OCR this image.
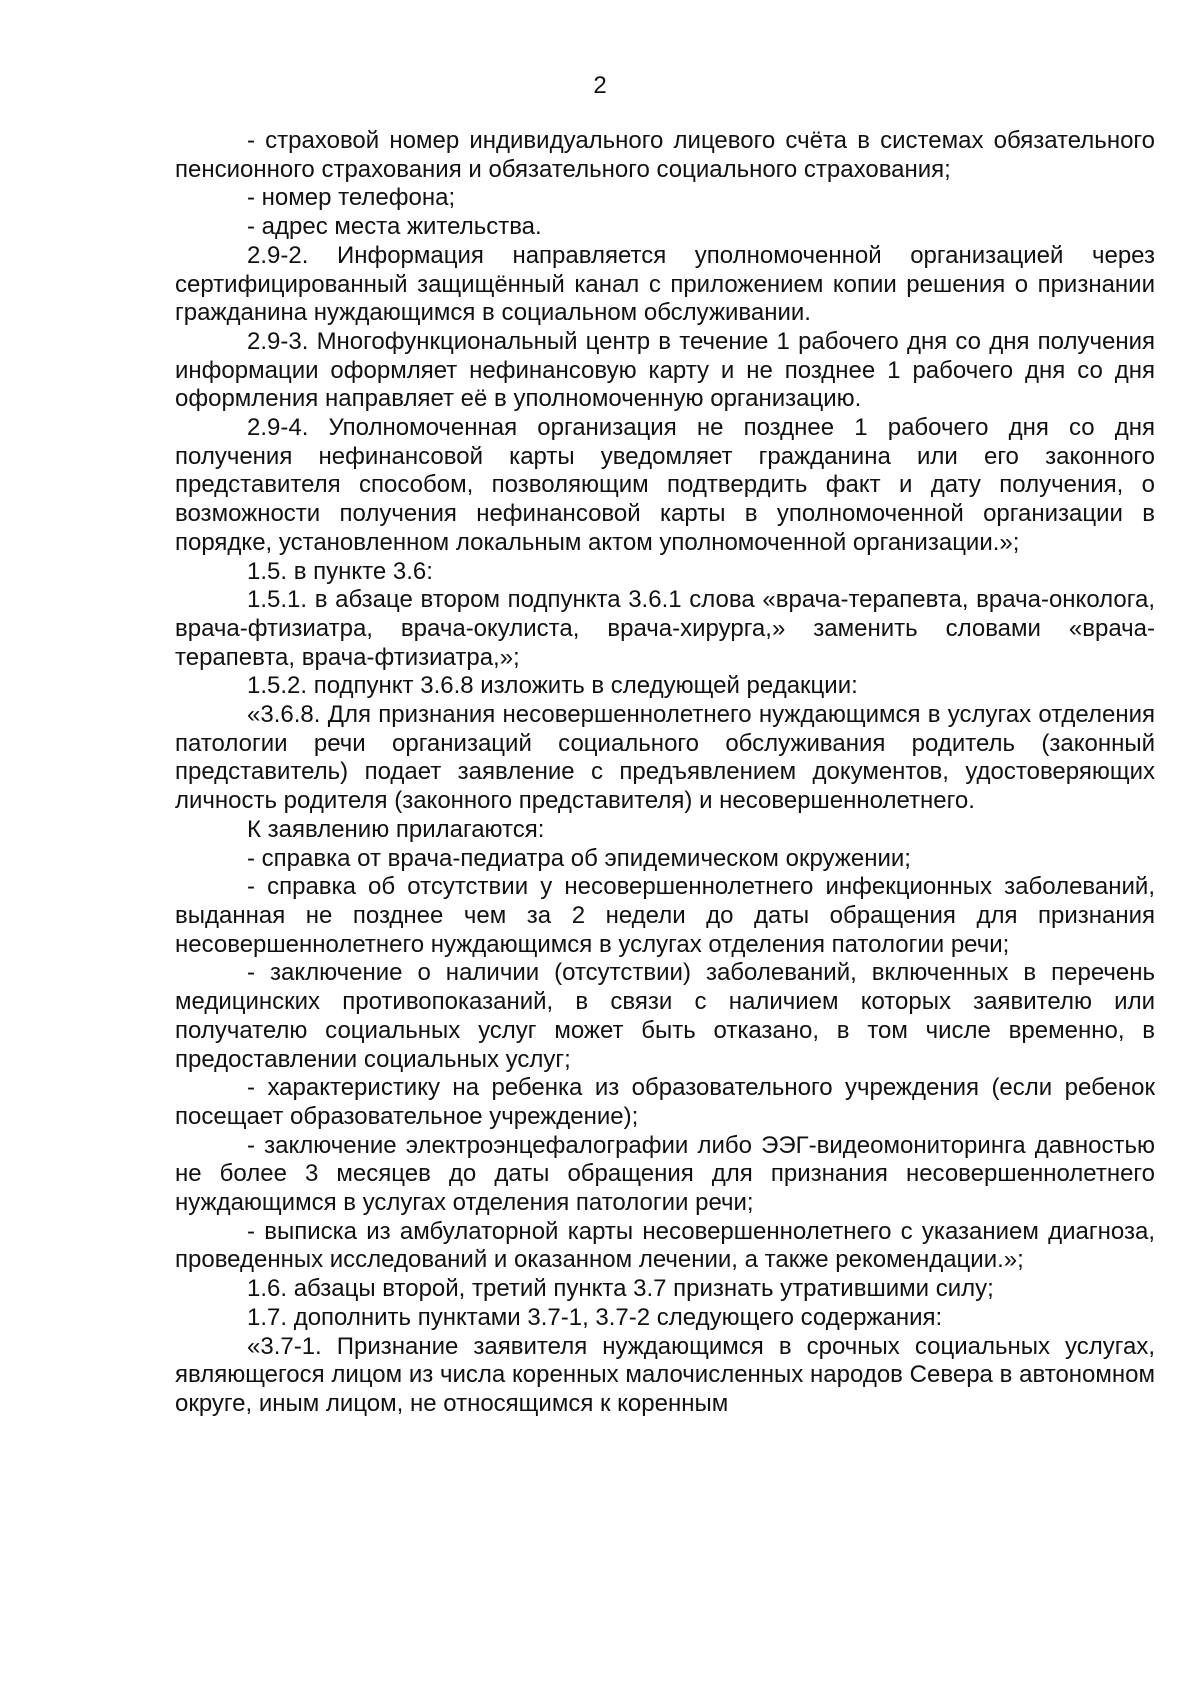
2

- страховой номер индивидуального лицевого счёта в системах обязательного пенсионного страхования и обязательного социального страхования;

- номер телефона;

- адрес места жительства.

2.9-2. Информация направляется уполномоченной организацией через сертифицированный защищённый канал с приложением копии решения о признании гражданина нуждающимся в социальном обслуживании.

2.9-3. Многофункциональный центр в течение 1 рабочего дня со дня получения информации оформляет нефинансовую карту и не позднее 1 рабочего дня со дня оформления направляет её в уполномоченную организацию.

2.9-4. Уполномоченная организация не позднее 1 рабочего дня со дня получения нефинансовой карты уведомляет гражданина или его законного представителя способом, позволяющим подтвердить факт и дату получения, о возможности получения нефинансовой карты в уполномоченной организации в порядке, установленном локальным актом уполномоченной организации.»;

1.5. в пункте 3.6:

1.5.1. в абзаце втором подпункта 3.6.1 слова «врача-терапевта, врача-онколога, врача-фтизиатра, врача-окулиста, врача-хирурга,» заменить словами «врача-терапевта, врача-фтизиатра,»;

1.5.2. подпункт 3.6.8 изложить в следующей редакции:

«3.6.8. Для признания несовершеннолетнего нуждающимся в услугах отделения патологии речи организаций социального обслуживания родитель (законный представитель) подает заявление с предъявлением документов, удостоверяющих личность родителя (законного представителя) и несовершеннолетнего.

К заявлению прилагаются:

- справка от врача-педиатра об эпидемическом окружении;

- справка об отсутствии у несовершеннолетнего инфекционных заболеваний, выданная не позднее чем за 2 недели до даты обращения для признания несовершеннолетнего нуждающимся в услугах отделения патологии речи;

- заключение о наличии (отсутствии) заболеваний, включенных в перечень медицинских противопоказаний, в связи с наличием которых заявителю или получателю социальных услуг может быть отказано, в том числе временно, в предоставлении социальных услуг;

- характеристику на ребенка из образовательного учреждения (если ребенок посещает образовательное учреждение);

- заключение электроэнцефалографии либо ЭЭГ-видеомониторинга давностью не более 3 месяцев до даты обращения для признания несовершеннолетнего нуждающимся в услугах отделения патологии речи;

- выписка из амбулаторной карты несовершеннолетнего с указанием диагноза, проведенных исследований и оказанном лечении, а также рекомендации.»;

1.6. абзацы второй, третий пункта 3.7 признать утратившими силу;

1.7. дополнить пунктами 3.7-1, 3.7-2 следующего содержания:

«3.7-1. Признание заявителя нуждающимся в срочных социальных услугах, являющегося лицом из числа коренных малочисленных народов Севера в автономном округе, иным лицом, не относящимся к коренным
